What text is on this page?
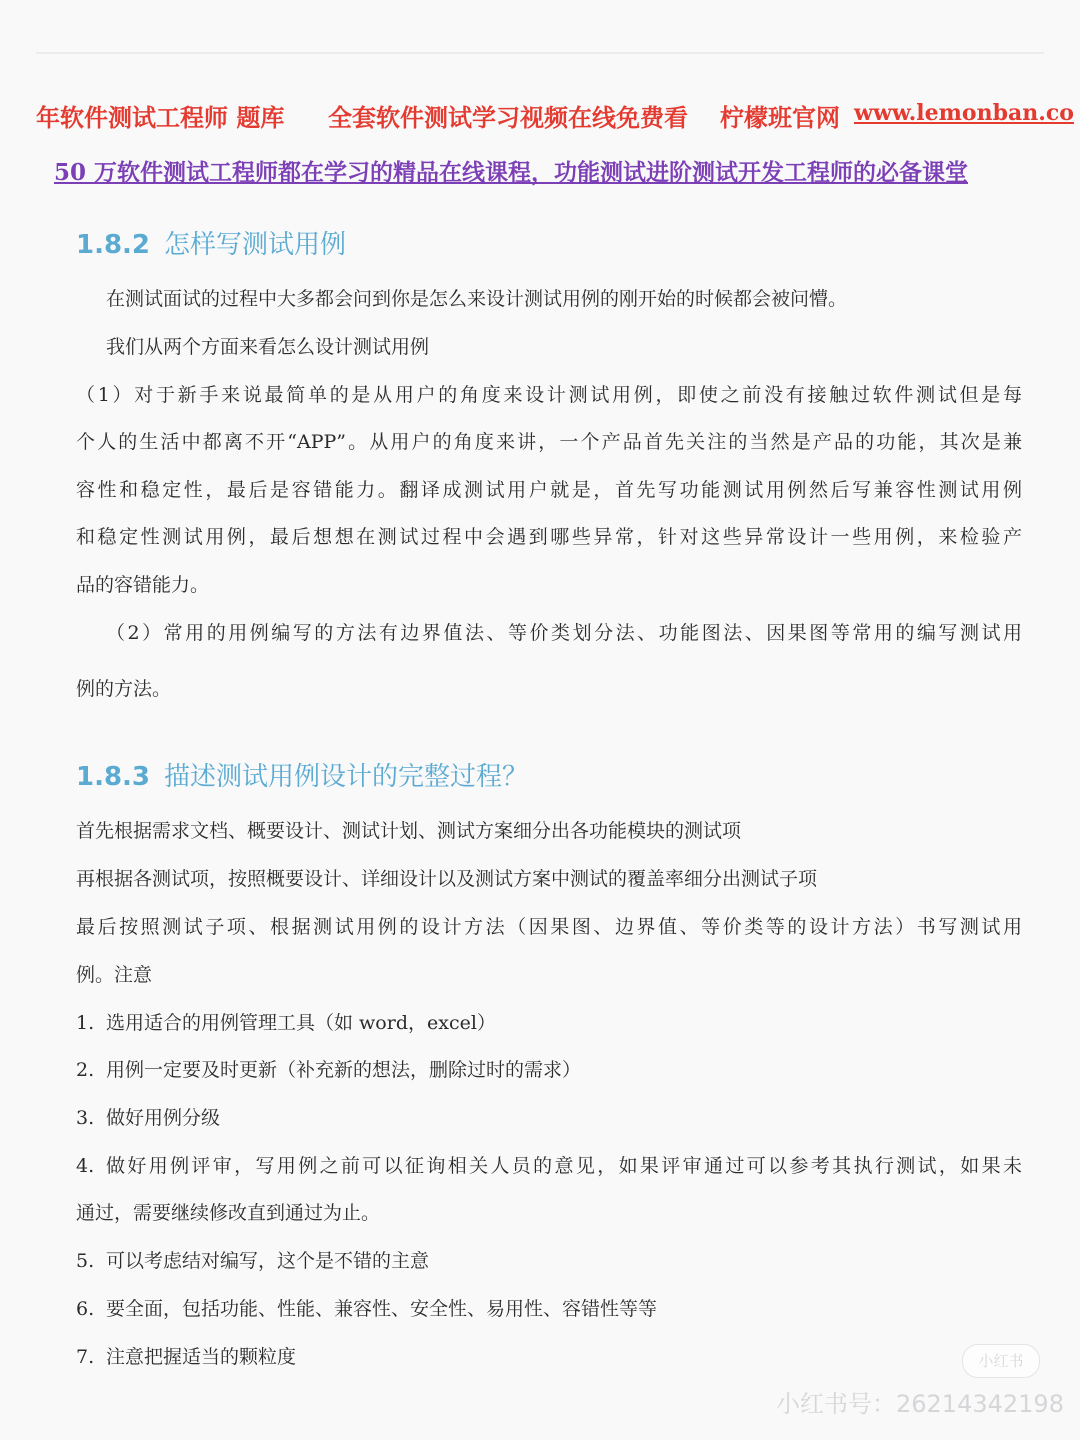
年软件测试工程师 题库 全套软件测试学习视频在线免费看 柠檬班官网 www.lemonban.co
50 万软件测试工程师都在学习的精品在线课程，功能测试进阶测试开发工程师的必备课堂
1.8.2 怎样写测试用例
在测试面试的过程中大多都会问到你是怎么来设计测试用例的刚开始的时候都会被问懵。
我们从两个方面来看怎么设计测试用例
（1）对于新手来说最简单的是从用户的角度来设计测试用例，即使之前没有接触过软件测试但是每
个人的生活中都离不开“APP”。从用户的角度来讲，一个产品首先关注的当然是产品的功能，其次是兼
容性和稳定性，最后是容错能力。翻译成测试用户就是，首先写功能测试用例然后写兼容性测试用例
和稳定性测试用例，最后想想在测试过程中会遇到哪些异常，针对这些异常设计一些用例，来检验产
品的容错能力。
（2）常用的用例编写的方法有边界值法、等价类划分法、功能图法、因果图等常用的编写测试用
例的方法。
1.8.3 描述测试用例设计的完整过程？
首先根据需求文档、概要设计、测试计划、测试方案细分出各功能模块的测试项
再根据各测试项，按照概要设计、详细设计以及测试方案中测试的覆盖率细分出测试子项
最后按照测试子项、根据测试用例的设计方法（因果图、边界值、等价类等的设计方法）书写测试用
例。注意
1. 选用适合的用例管理工具（如 word，excel）
2. 用例一定要及时更新（补充新的想法，删除过时的需求）
3. 做好用例分级
4. 做好用例评审，写用例之前可以征询相关人员的意见，如果评审通过可以参考其执行测试，如果未
通过，需要继续修改直到通过为止。
5. 可以考虑结对编写，这个是不错的主意
6. 要全面，包括功能、性能、兼容性、安全性、易用性、容错性等等
7. 注意把握适当的颗粒度	小红书
小红书号：26214342198
